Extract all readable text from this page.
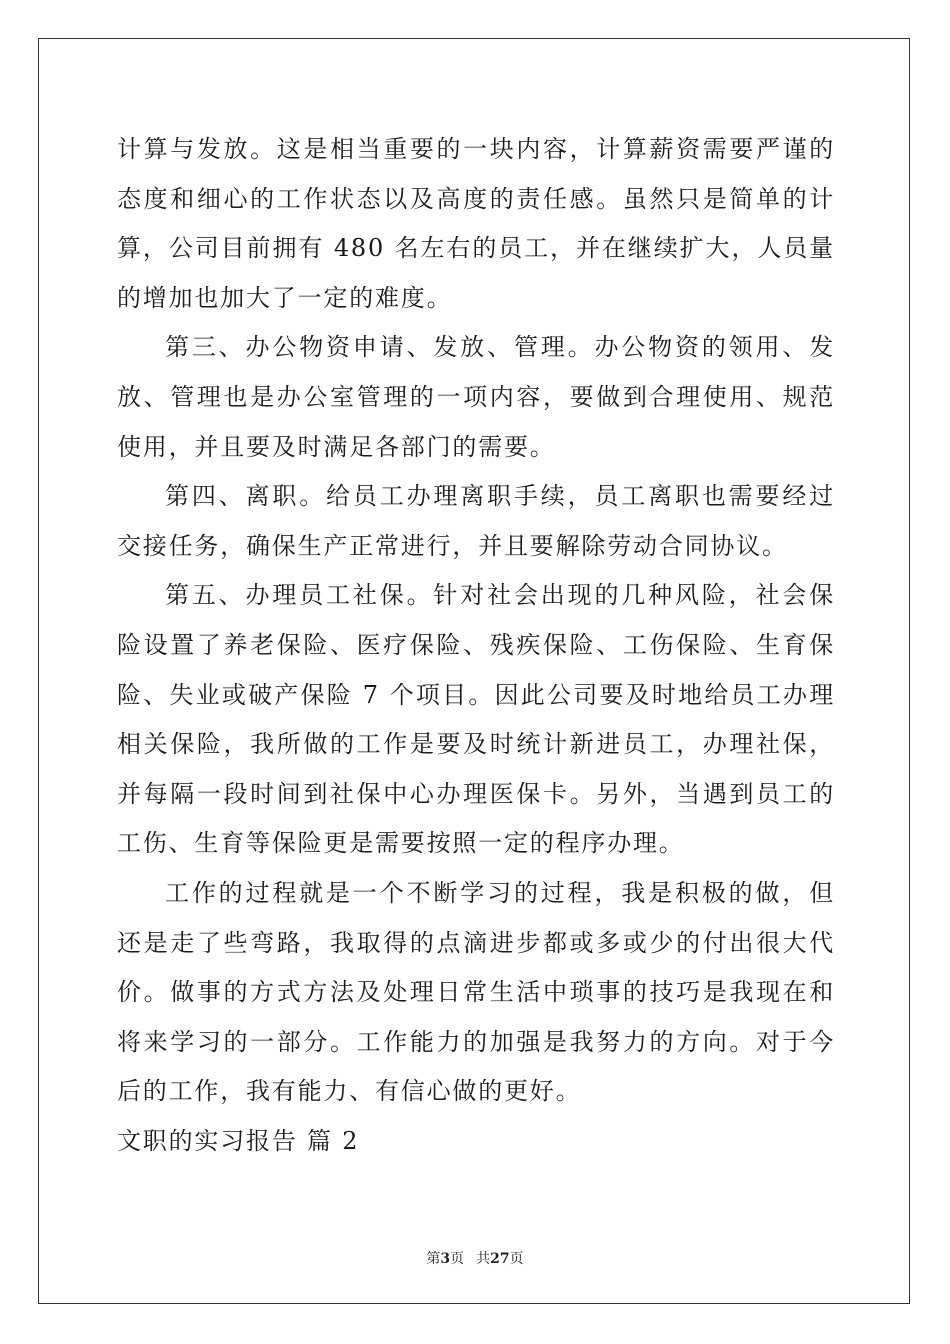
计算与发放。这是相当重要的一块内容，计算薪资需要严谨的态度和细心的工作状态以及高度的责任感。虽然只是简单的计算，公司目前拥有 480 名左右的员工，并在继续扩大，人员量的增加也加大了一定的难度。

第三、办公物资申请、发放、管理。办公物资的领用、发放、管理也是办公室管理的一项内容，要做到合理使用、规范使用，并且要及时满足各部门的需要。

第四、离职。给员工办理离职手续，员工离职也需要经过交接任务，确保生产正常进行，并且要解除劳动合同协议。

第五、办理员工社保。针对社会出现的几种风险，社会保险设置了养老保险、医疗保险、残疾保险、工伤保险、生育保险、失业或破产保险 7 个项目。因此公司要及时地给员工办理相关保险，我所做的工作是要及时统计新进员工，办理社保，并每隔一段时间到社保中心办理医保卡。另外，当遇到员工的工伤、生育等保险更是需要按照一定的程序办理。

工作的过程就是一个不断学习的过程，我是积极的做，但还是走了些弯路，我取得的点滴进步都或多或少的付出很大代价。做事的方式方法及处理日常生活中琐事的技巧是我现在和将来学习的一部分。工作能力的加强是我努力的方向。对于今后的工作，我有能力、有信心做的更好。

文职的实习报告 篇 2

第3页 共27页
